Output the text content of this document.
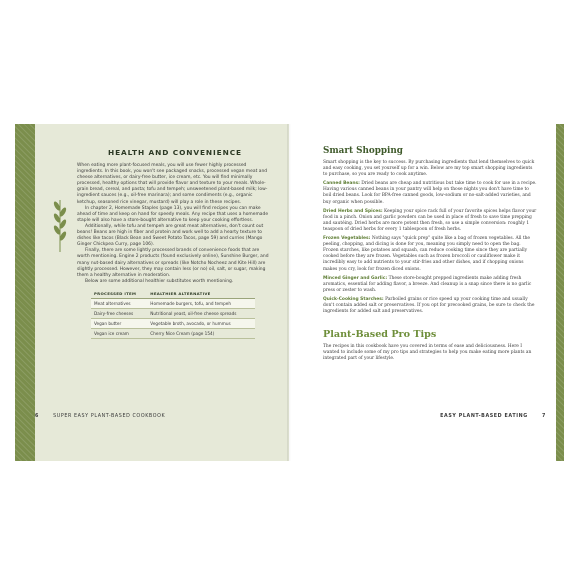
HEALTH AND CONVENIENCE

When eating more plant-focused meals, you will use fewer highly processed ingredients. In this book, you won't see packaged snacks, processed vegan meat and cheese alternatives, or dairy-free butter, ice cream, etc. You will find minimally processed, healthy options that will provide flavor and texture to your meals. Whole-grain bread, cereal, and pasta; tofu and tempeh; unsweetened plant-based milk; low-ingredient sauces (e.g., oil-free marinara); and some condiments (e.g., organic ketchup, seasoned rice vinegar, mustard) will play a role in these recipes.

In chapter 2, Homemade Staples (page 13), you will find recipes you can make ahead of time and keep on hand for speedy meals. Any recipe that uses a homemade staple will also have a store-bought alternative to keep your cooking effortless.

Additionally, while tofu and tempeh are great meat alternatives, don't count out beans! Beans are high in fiber and protein and work well to add a hearty texture to dishes like tacos (Black Bean and Sweet Potato Tacos, page 59) and curries (Mango Ginger Chickpea Curry, page 106).

Finally, there are some lightly processed brands of convenience foods that are worth mentioning. Engine 2 products (found exclusively online), Sunshine Burger, and many nut-based dairy alternatives or spreads (like Notcho Nocheez and Kite Hill) are slightly processed. However, they may contain less (or no) oil, salt, or sugar, making them a healthy alternative in moderation.

Below are some additional healthier substitutes worth mentioning.

PROCESSED ITEM	HEALTHIER ALTERNATIVE
Meat alternatives	Homemade burgers, tofu, and tempeh
Dairy-free cheeses	Nutritional yeast, oil-free cheese spreads
Vegan butter	Vegetable broth, avocado, or hummus
Vegan ice cream	Cherry Nice Cream (page 154)
6	SUPER EASY PLANT-BASED COOKBOOK
Smart Shopping

Smart shopping is the key to success. By purchasing ingredients that lend themselves to quick and easy cooking, you set yourself up for a win. Below are my top smart shopping ingredients to purchase, so you are ready to cook anytime.

Canned Beans: Dried beans are cheap and nutritious but take time to cook for use in a recipe. Having various canned beans in your pantry will help on those nights you don't have time to boil dried beans. Look for BPA-free canned goods, low-sodium or no-salt-added varieties, and buy organic when possible.

Dried Herbs and Spices: Keeping your spice rack full of your favorite spices helps flavor your food in a pinch. Onion and garlic powders can be used in place of fresh to save time prepping and sautéing. Dried herbs are more potent then fresh, so use a simple conversion: roughly 1 teaspoon of dried herbs for every 1 tablespoon of fresh herbs.

Frozen Vegetables: Nothing says "quick prep" quite like a bag of frozen vegetables. All the peeling, chopping, and dicing is done for you, meaning you simply need to open the bag. Frozen starches, like potatoes and squash, can reduce cooking time since they are partially cooked before they are frozen. Vegetables such as frozen broccoli or cauliflower make it incredibly easy to add nutrients to your stir-fries and other dishes, and if chopping onions makes you cry, look for frozen diced onions.

Minced Ginger and Garlic: These store-bought prepped ingredients make adding fresh aromatics, essential for adding flavor, a breeze. And cleanup is a snap since there is no garlic press or zester to wash.

Quick-Cooking Starches: Parboiled grains or rice speed up your cooking time and usually don't contain added salt or preservatives. If you opt for precooked grains, be sure to check the ingredients for added salt and preservatives.

Plant-Based Pro Tips

The recipes in this cookbook have you covered in terms of ease and deliciousness. Here I wanted to include some of my pro tips and strategies to help you make eating more plants an integrated part of your lifestyle.

EASY PLANT-BASED EATING	7
